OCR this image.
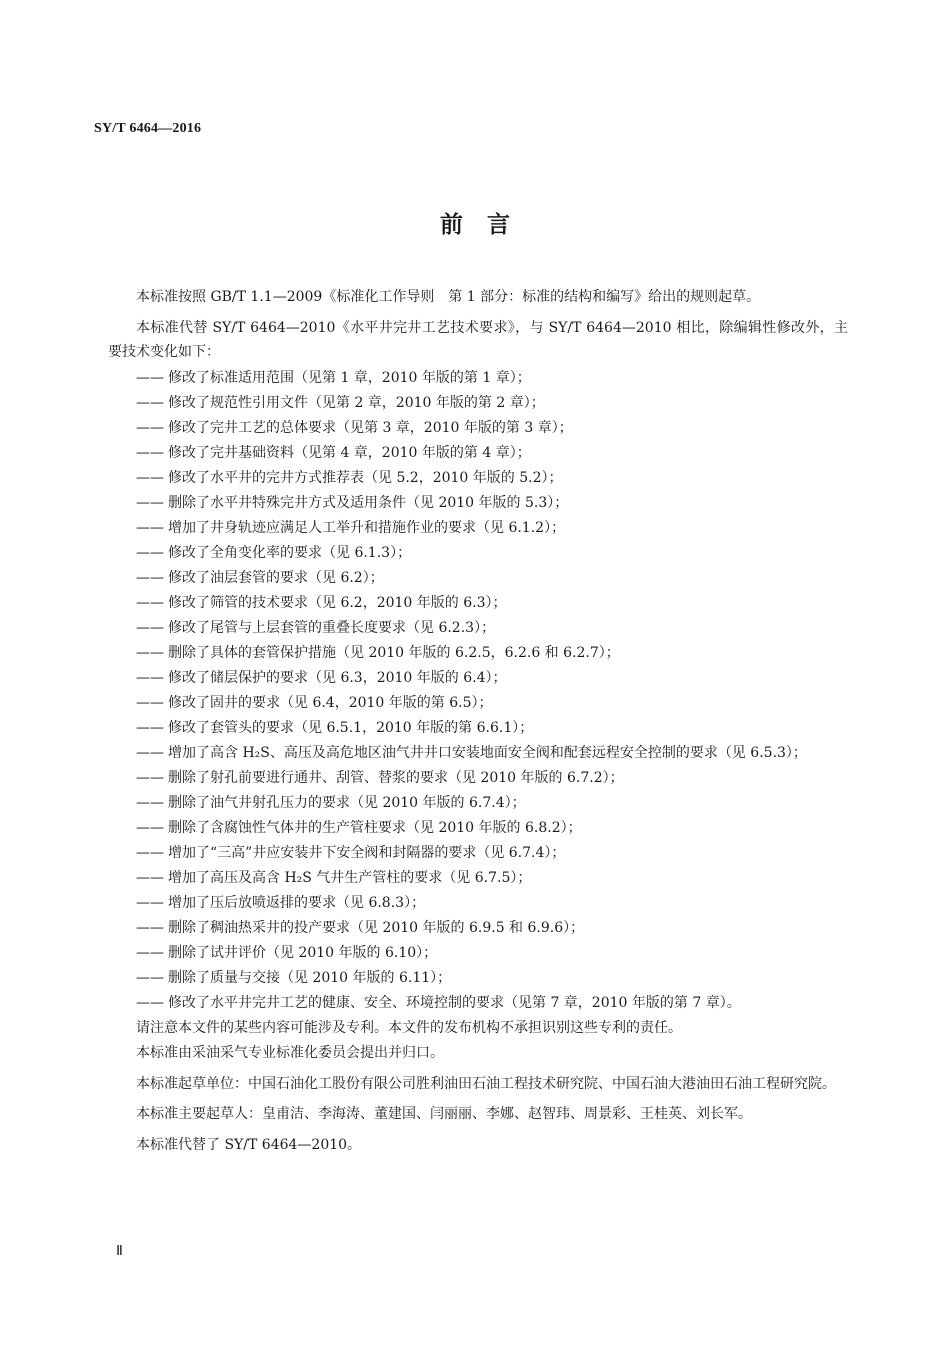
SY/T 6464—2016
前言

本标准按照 GB/T 1.1—2009《标准化工作导则　第 1 部分：标准的结构和编写》给出的规则起草。

本标准代替 SY/T 6464—2010《水平井完井工艺技术要求》，与 SY/T 6464—2010 相比，除编辑性修改外，主要技术变化如下：

—— 修改了标准适用范围（见第 1 章，2010 年版的第 1 章）；
—— 修改了规范性引用文件（见第 2 章，2010 年版的第 2 章）；
—— 修改了完井工艺的总体要求（见第 3 章，2010 年版的第 3 章）；
—— 修改了完井基础资料（见第 4 章，2010 年版的第 4 章）；
—— 修改了水平井的完井方式推荐表（见 5.2，2010 年版的 5.2）；
—— 删除了水平井特殊完井方式及适用条件（见 2010 年版的 5.3）；
—— 增加了井身轨迹应满足人工举升和措施作业的要求（见 6.1.2）；
—— 修改了全角变化率的要求（见 6.1.3）；
—— 修改了油层套管的要求（见 6.2）；
—— 修改了筛管的技术要求（见 6.2，2010 年版的 6.3）；
—— 修改了尾管与上层套管的重叠长度要求（见 6.2.3）；
—— 删除了具体的套管保护措施（见 2010 年版的 6.2.5，6.2.6 和 6.2.7）；
—— 修改了储层保护的要求（见 6.3，2010 年版的 6.4）；
—— 修改了固井的要求（见 6.4，2010 年版的第 6.5）；
—— 修改了套管头的要求（见 6.5.1，2010 年版的第 6.6.1）；
—— 增加了高含 H₂S、高压及高危地区油气井井口安装地面安全阀和配套远程安全控制的要求（见 6.5.3）；
—— 删除了射孔前要进行通井、刮管、替浆的要求（见 2010 年版的 6.7.2）；
—— 删除了油气井射孔压力的要求（见 2010 年版的 6.7.4）；
—— 删除了含腐蚀性气体井的生产管柱要求（见 2010 年版的 6.8.2）；
—— 增加了“三高”井应安装井下安全阀和封隔器的要求（见 6.7.4）；
—— 增加了高压及高含 H₂S 气井生产管柱的要求（见 6.7.5）；
—— 增加了压后放喷返排的要求（见 6.8.3）；
—— 删除了稠油热采井的投产要求（见 2010 年版的 6.9.5 和 6.9.6）；
—— 删除了试井评价（见 2010 年版的 6.10）；
—— 删除了质量与交接（见 2010 年版的 6.11）；
—— 修改了水平井完井工艺的健康、安全、环境控制的要求（见第 7 章，2010 年版的第 7 章）。

请注意本文件的某些内容可能涉及专利。本文件的发布机构不承担识别这些专利的责任。

本标准由采油采气专业标准化委员会提出并归口。

本标准起草单位：中国石油化工股份有限公司胜利油田石油工程技术研究院、中国石油大港油田石油工程研究院。

本标准主要起草人：皇甫洁、李海涛、董建国、闫丽丽、李娜、赵智玮、周景彩、王桂英、刘长军。

本标准代替了 SY/T 6464—2010。

Ⅱ
